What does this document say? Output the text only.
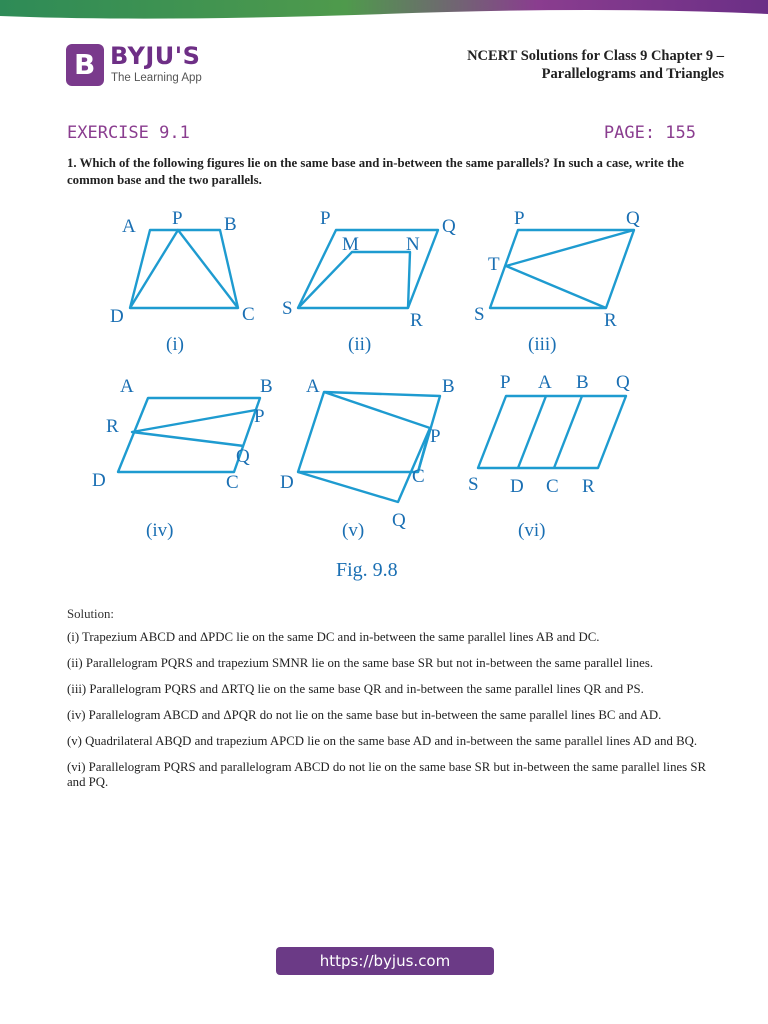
B BYJU'S
The Learning App
NCERT Solutions for Class 9 Chapter 9 –
Parallelograms and Triangles
EXERCISE 9.1	PAGE: 155
1. Which of the following figures lie on the same base and in-between the same parallels? In such a case, write the common base and the two parallels.
A P B
D	C
(i)
P	Q
M N
S
R
(ii)
P	Q
T
S	R
(iii)
A	B
P
R
Q
D	C
(iv)
A	B
P
D	C
Q
(v)
P A B Q
S D C R
(vi)
Fig. 9.8
Solution:
(i) Trapezium ABCD and ΔPDC lie on the same DC and in-between the same parallel lines AB and DC.
(ii) Parallelogram PQRS and trapezium SMNR lie on the same base SR but not in-between the same parallel lines.
(iii) Parallelogram PQRS and ΔRTQ lie on the same base QR and in-between the same parallel lines QR and PS.
(iv) Parallelogram ABCD and ΔPQR do not lie on the same base but in-between the same parallel lines BC and AD.
(v) Quadrilateral ABQD and trapezium APCD lie on the same base AD and in-between the same parallel lines AD and BQ.
(vi) Parallelogram PQRS and parallelogram ABCD do not lie on the same base SR but in-between the same parallel lines SR and PQ.
https://byjus.com
